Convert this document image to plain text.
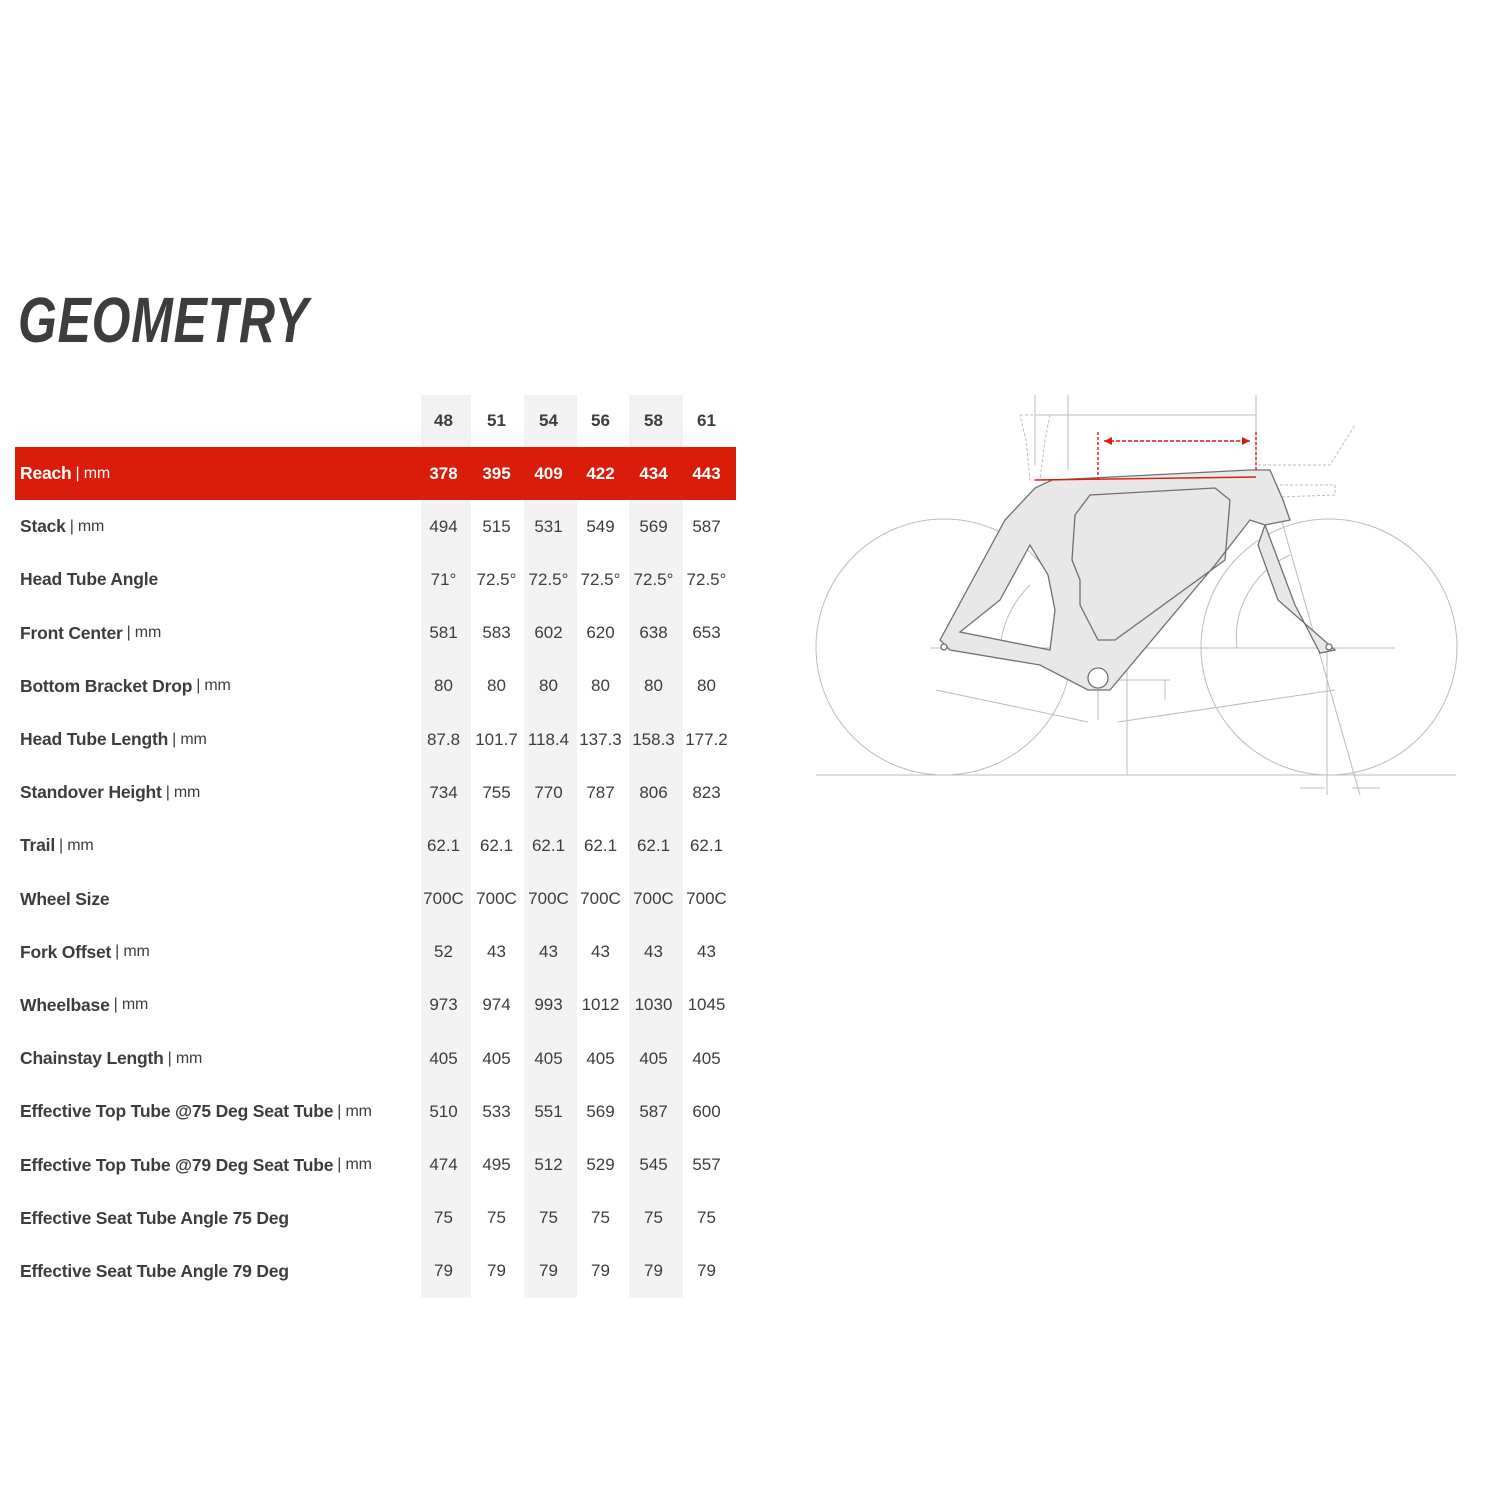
GEOMETRY
48	51	54	56	58	61
Reach | mm	378	395	409	422	434	443
Stack | mm	494	515	531	549	569	587
Head Tube Angle	71°	72.5° 72.5° 72.5° 72.5° 72.5°
Front Center | mm	581	583	602	620	638	653
Bottom Bracket Drop | mm	80	80	80	80	80	80
Head Tube Length | mm	87.8 101.7 118.4 137.3 158.3 177.2
Standover Height | mm	734	755	770	787	806	823
Trail | mm	62.1	62.1	62.1	62.1	62.1	62.1
Wheel Size	700C 700C 700C 700C 700C 700C
Fork Offset | mm	52	43	43	43	43	43
Wheelbase | mm	973	974	993	1012 1030 1045
Chainstay Length | mm	405	405	405	405	405	405
Effective Top Tube @75 Deg Seat Tube | mm	510	533	551	569	587	600
Effective Top Tube @79 Deg Seat Tube | mm	474	495	512	529	545	557
Effective Seat Tube Angle 75 Deg	75	75	75	75	75	75
Effective Seat Tube Angle 79 Deg	79	79	79	79	79	79
